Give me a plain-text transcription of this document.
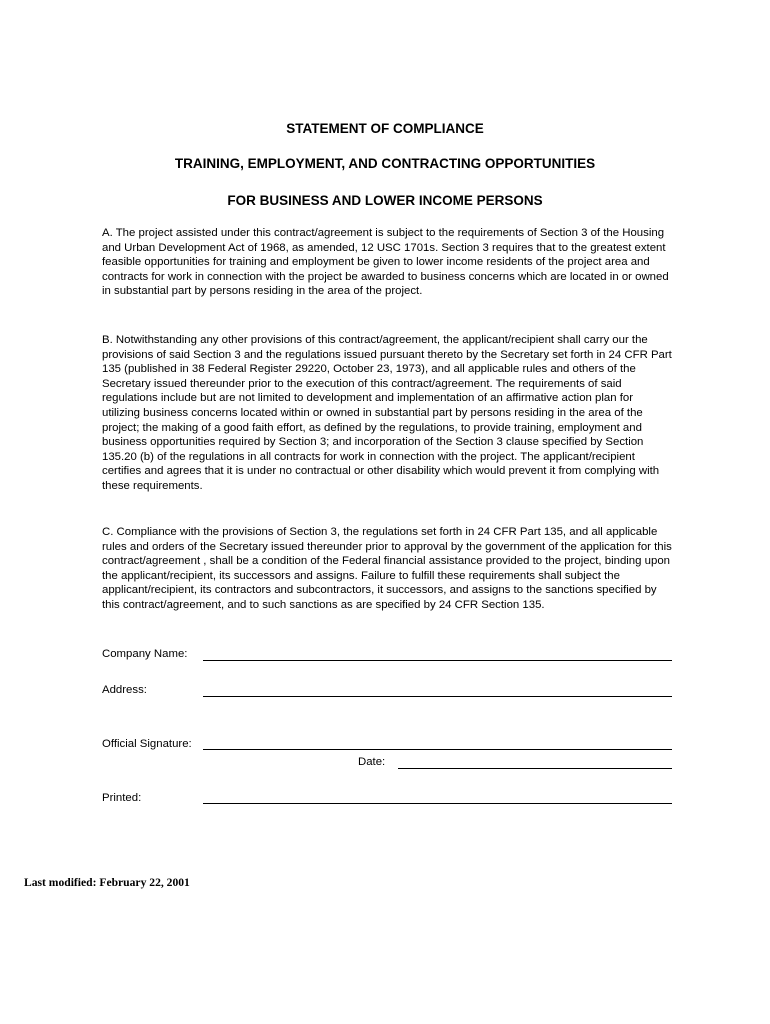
STATEMENT OF COMPLIANCE
TRAINING, EMPLOYMENT, AND CONTRACTING OPPORTUNITIES
FOR BUSINESS AND LOWER INCOME PERSONS

A. The project assisted under this contract/agreement is subject to the requirements of Section 3 of the Housing and Urban Development Act of 1968, as amended, 12 USC 1701s. Section 3 requires that to the greatest extent feasible opportunities for training and employment be given to lower income residents of the project area and contracts for work in connection with the project be awarded to business concerns which are located in or owned in substantial part by persons residing in the area of the project.

B. Notwithstanding any other provisions of this contract/agreement, the applicant/recipient shall carry our the provisions of said Section 3 and the regulations issued pursuant thereto by the Secretary set forth in 24 CFR Part 135 (published in 38 Federal Register 29220, October 23, 1973), and all applicable rules and others of the Secretary issued thereunder prior to the execution of this contract/agreement. The requirements of said regulations include but are not limited to development and implementation of an affirmative action plan for utilizing business concerns located within or owned in substantial part by persons residing in the area of the project; the making of a good faith effort, as defined by the regulations, to provide training, employment and business opportunities required by Section 3; and incorporation of the Section 3 clause specified by Section 135.20 (b) of the regulations in all contracts for work in connection with the project. The applicant/recipient certifies and agrees that it is under no contractual or other disability which would prevent it from complying with these requirements.

C. Compliance with the provisions of Section 3, the regulations set forth in 24 CFR Part 135, and all applicable rules and orders of the Secretary issued thereunder prior to approval by the government of the application for this contract/agreement , shall be a condition of the Federal financial assistance provided to the project, binding upon the applicant/recipient, its successors and assigns. Failure to fulfill these requirements shall subject the applicant/recipient, its contractors and subcontractors, it successors, and assigns to the sanctions specified by this contract/agreement, and to such sanctions as are specified by 24 CFR Section 135.

Company Name:
Address:
Official Signature:
Date:
Printed:
Last modified: February 22, 2001
